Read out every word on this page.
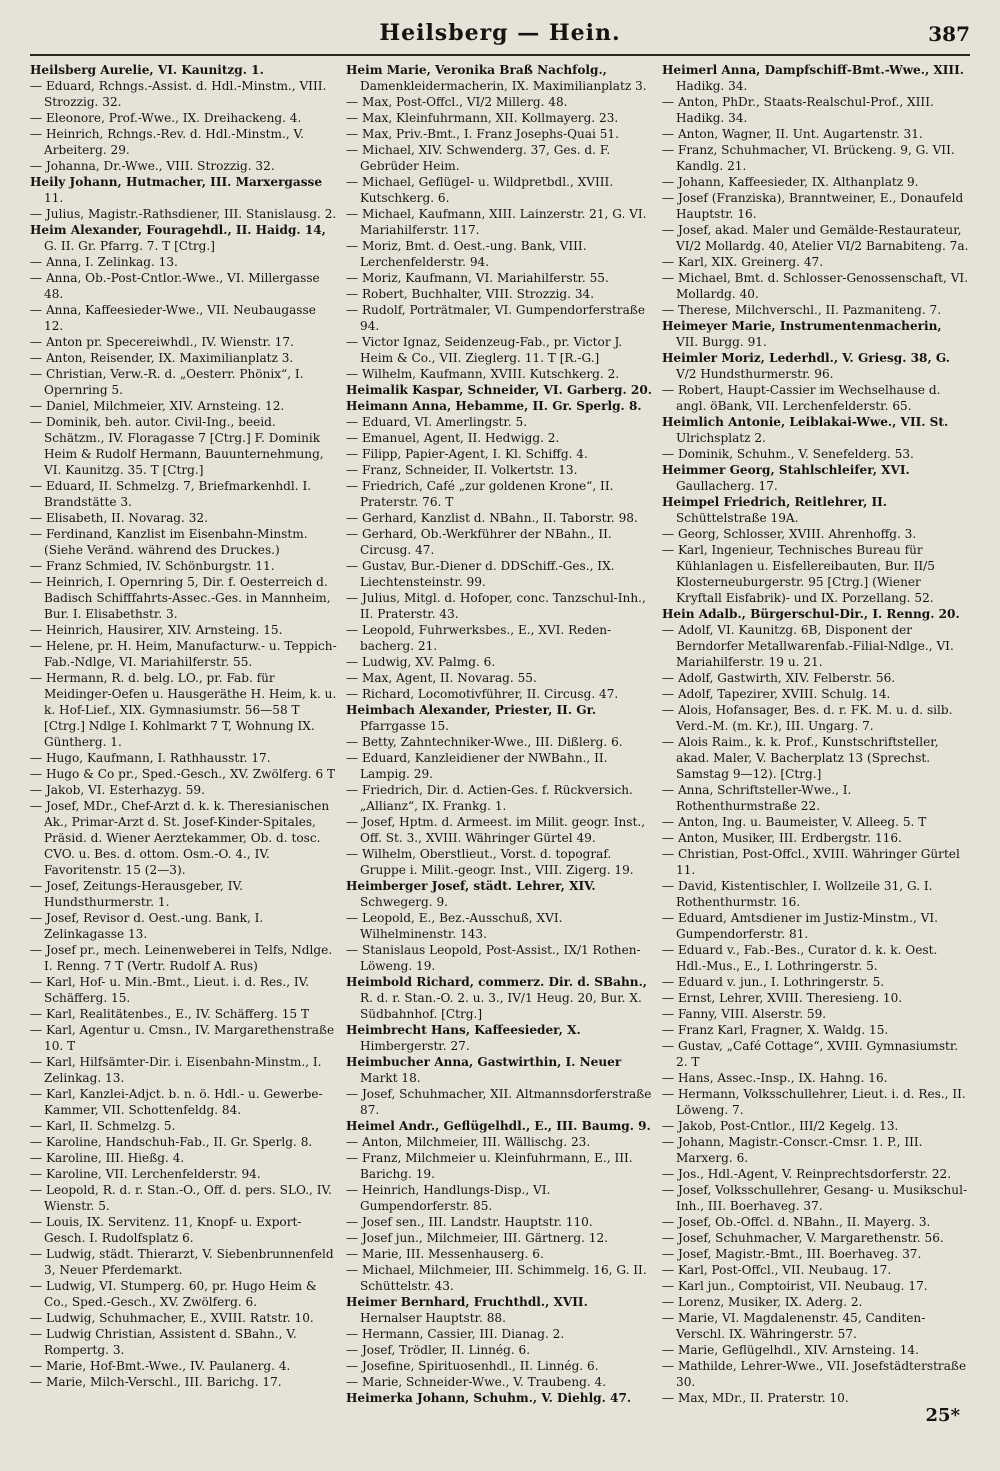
Heilsberg — Hein.	387

Heilsberg Aurelie, VI. Kaunitzg. 1.

— Eduard, Rchngs.-Assist. d. Hdl.-Minstm., VIII. Strozzig. 32.

— Eleonore, Prof.-Wwe., IX. Dreihackeng. 4.

— Heinrich, Rchngs.-Rev. d. Hdl.-Minstm., V. Arbeiterg. 29.

— Johanna, Dr.-Wwe., VIII. Strozzig. 32.

Heily Johann, Hutmacher, III. Marxergasse 11.

— Julius, Magistr.-Rathsdiener, III. Stanislausg. 2.

Heim Alexander, Fouragehdl., II. Haidg. 14, G. II. Gr. Pfarrg. 7. T [Ctrg.]

— Anna, I. Zelinkag. 13.

— Anna, Ob.-Post-Cntlor.-Wwe., VI. Millergasse 48.

— Anna, Kaffeesieder-Wwe., VII. Neubaugasse 12.

— Anton pr. Specereiwhdl., IV. Wienstr. 17.

— Anton, Reisender, IX. Maximilianplatz 3.

— Christian, Verw.-R. d. „Oesterr. Phönix“, I. Opernring 5.

— Daniel, Milchmeier, XIV. Arnsteing. 12.

— Dominik, beh. autor. Civil-Ing., beeid. Schätzm., IV. Floragasse 7 [Ctrg.] F. Dominik Heim & Rudolf Hermann, Bauunternehmung, VI. Kaunitzg. 35. T [Ctrg.]

— Eduard, II. Schmelzg. 7, Briefmarkenhdl. I. Brandstätte 3.

— Elisabeth, II. Novarag. 32.

— Ferdinand, Kanzlist im Eisenbahn-Minstm. (Siehe Veränd. während des Druckes.)

— Franz Schmied, IV. Schönburgstr. 11.

— Heinrich, I. Opernring 5, Dir. f. Oesterreich d. Badisch Schifffahrts-Assec.-Ges. in Mannheim, Bur. I. Elisabethstr. 3.

— Heinrich, Hausirer, XIV. Arnsteing. 15.

— Helene, pr. H. Heim, Manufacturw.- u. Teppich-Fab.-Ndlge, VI. Mariahilferstr. 55.

— Hermann, R. d. belg. LO., pr. Fab. für Meidinger-Oefen u. Hausgeräthe H. Heim, k. u. k. Hof-Lief., XIX. Gymnasiumstr. 56—58 T [Ctrg.] Ndlge I. Kohlmarkt 7 T, Wohnung IX. Güntherg. 1.

— Hugo, Kaufmann, I. Rathhausstr. 17.

— Hugo & Co pr., Sped.-Gesch., XV. Zwölferg. 6 T

— Jakob, VI. Esterhazyg. 59.

— Josef, MDr., Chef-Arzt d. k. k. Theresianischen Ak., Primar-Arzt d. St. Josef-Kinder-Spitales, Präsid. d. Wiener Aerztekammer, Ob. d. tosc. CVO. u. Bes. d. ottom. Osm.-O. 4., IV. Favoritenstr. 15 (2—3).

— Josef, Zeitungs-Herausgeber, IV. Hundsthurmerstr. 1.

— Josef, Revisor d. Oest.-ung. Bank, I. Zelinkagasse 13.

— Josef pr., mech. Leinenweberei in Telfs, Ndlge. I. Renng. 7 T (Vertr. Rudolf A. Rus)

— Karl, Hof- u. Min.-Bmt., Lieut. i. d. Res., IV. Schäfferg. 15.

— Karl, Realitätenbes., E., IV. Schäfferg. 15 T

— Karl, Agentur u. Cmsn., IV. Margarethenstraße 10. T

— Karl, Hilfsämter-Dir. i. Eisenbahn-Minstm., I. Zelinkag. 13.

— Karl, Kanzlei-Adjct. b. n. ö. Hdl.- u. Gewerbe-Kammer, VII. Schottenfeldg. 84.

— Karl, II. Schmelzg. 5.

— Karoline, Handschuh-Fab., II. Gr. Sperlg. 8.

— Karoline, III. Hießg. 4.

— Karoline, VII. Lerchenfelderstr. 94.

— Leopold, R. d. r. Stan.-O., Off. d. pers. SLO., IV. Wienstr. 5.

— Louis, IX. Servitenz. 11, Knopf- u. Export-Gesch. I. Rudolfsplatz 6.

— Ludwig, städt. Thierarzt, V. Siebenbrunnenfeld 3, Neuer Pferdemarkt.

— Ludwig, VI. Stumperg. 60, pr. Hugo Heim & Co., Sped.-Gesch., XV. Zwölferg. 6.

— Ludwig, Schuhmacher, E., XVIII. Ratstr. 10.

— Ludwig Christian, Assistent d. SBahn., V. Rompertg. 3.

— Marie, Hof-Bmt.-Wwe., IV. Paulanerg. 4.

— Marie, Milch-Verschl., III. Barichg. 17.

Heim Marie, Veronika Braß Nachfolg., Damenkleidermacherin, IX. Maximilianplatz 3.

— Max, Post-Offcl., VI/2 Millerg. 48.

— Max, Kleinfuhrmann, XII. Kollmayerg. 23.

— Max, Priv.-Bmt., I. Franz Josephs-Quai 51.

— Michael, XIV. Schwenderg. 37, Ges. d. F. Gebrüder Heim.

— Michael, Geflügel- u. Wildpretbdl., XVIII. Kutschkerg. 6.

— Michael, Kaufmann, XIII. Lainzerstr. 21, G. VI. Mariahilferstr. 117.

— Moriz, Bmt. d. Oest.-ung. Bank, VIII. Lerchenfelderstr. 94.

— Moriz, Kaufmann, VI. Mariahilferstr. 55.

— Robert, Buchhalter, VIII. Strozzig. 34.

— Rudolf, Porträtmaler, VI. Gumpendorferstraße 94.

— Victor Ignaz, Seidenzeug-Fab., pr. Victor J. Heim & Co., VII. Zieglerg. 11. T [R.-G.]

— Wilhelm, Kaufmann, XVIII. Kutschkerg. 2.

Heimalik Kaspar, Schneider, VI. Garberg. 20.

Heimann Anna, Hebamme, II. Gr. Sperlg. 8.

— Eduard, VI. Amerlingstr. 5.

— Emanuel, Agent, II. Hedwigg. 2.

— Filipp, Papier-Agent, I. Kl. Schiffg. 4.

— Franz, Schneider, II. Volkertstr. 13.

— Friedrich, Café „zur goldenen Krone“, II. Praterstr. 76. T

— Gerhard, Kanzlist d. NBahn., II. Taborstr. 98.

— Gerhard, Ob.-Werkführer der NBahn., II. Circusg. 47.

— Gustav, Bur.-Diener d. DDSchiff.-Ges., IX. Liechtensteinstr. 99.

— Julius, Mitgl. d. Hofoper, conc. Tanzschul-Inh., II. Praterstr. 43.

— Leopold, Fuhrwerksbes., E., XVI. Reden-bacherg. 21.

— Ludwig, XV. Palmg. 6.

— Max, Agent, II. Novarag. 55.

— Richard, Locomotivführer, II. Circusg. 47.

Heimbach Alexander, Priester, II. Gr. Pfarrgasse 15.

— Betty, Zahntechniker-Wwe., III. Dißlerg. 6.

— Eduard, Kanzleidiener der NWBahn., II. Lampig. 29.

— Friedrich, Dir. d. Actien-Ges. f. Rückversich. „Allianz“, IX. Frankg. 1.

— Josef, Hptm. d. Armeest. im Milit. geogr. Inst., Off. St. 3., XVIII. Währinger Gürtel 49.

— Wilhelm, Oberstlieut., Vorst. d. topograf. Gruppe i. Milit.-geogr. Inst., VIII. Zigerg. 19.

Heimberger Josef, städt. Lehrer, XIV. Schwegerg. 9.

— Leopold, E., Bez.-Ausschuß, XVI. Wilhelminenstr. 143.

— Stanislaus Leopold, Post-Assist., IX/1 Rothen-Löweng. 19.

Heimbold Richard, commerz. Dir. d. SBahn., R. d. r. Stan.-O. 2. u. 3., IV/1 Heug. 20, Bur. X. Südbahnhof. [Ctrg.]

Heimbrecht Hans, Kaffeesieder, X. Himbergerstr. 27.

Heimbucher Anna, Gastwirthin, I. Neuer Markt 18.

— Josef, Schuhmacher, XII. Altmannsdorferstraße 87.

Heimel Andr., Geflügelhdl., E., III. Baumg. 9.

— Anton, Milchmeier, III. Wällischg. 23.

— Franz, Milchmeier u. Kleinfuhrmann, E., III. Barichg. 19.

— Heinrich, Handlungs-Disp., VI. Gumpendorferstr. 85.

— Josef sen., III. Landstr. Hauptstr. 110.

— Josef jun., Milchmeier, III. Gärtnerg. 12.

— Marie, III. Messenhauserg. 6.

— Michael, Milchmeier, III. Schimmelg. 16, G. II. Schüttelstr. 43.

Heimer Bernhard, Fruchthdl., XVII. Hernalser Hauptstr. 88.

— Hermann, Cassier, III. Dianag. 2.

— Josef, Trödler, II. Linnég. 6.

— Josefine, Spirituosenhdl., II. Linnég. 6.

— Marie, Schneider-Wwe., V. Traubeng. 4.

Heimerka Johann, Schuhm., V. Diehlg. 47.

Heimerl Anna, Dampfschiff-Bmt.-Wwe., XIII. Hadikg. 34.

— Anton, PhDr., Staats-Realschul-Prof., XIII. Hadikg. 34.

— Anton, Wagner, II. Unt. Augartenstr. 31.

— Franz, Schuhmacher, VI. Brückeng. 9, G. VII. Kandlg. 21.

— Johann, Kaffeesieder, IX. Althanplatz 9.

— Josef (Franziska), Branntweiner, E., Donaufeld Hauptstr. 16.

— Josef, akad. Maler und Gemälde-Restaurateur, VI/2 Mollardg. 40, Atelier VI/2 Barnabiteng. 7a.

— Karl, XIX. Greinerg. 47.

— Michael, Bmt. d. Schlosser-Genossenschaft, VI. Mollardg. 40.

— Therese, Milchverschl., II. Pazmaniteng. 7.

Heimeyer Marie, Instrumentenmacherin, VII. Burgg. 91.

Heimler Moriz, Lederhdl., V. Griesg. 38, G. V/2 Hundsthurmerstr. 96.

— Robert, Haupt-Cassier im Wechselhause d. angl. öBank, VII. Lerchenfelderstr. 65.

Heimlich Antonie, Leiblakai-Wwe., VII. St. Ulrichsplatz 2.

— Dominik, Schuhm., V. Senefelderg. 53.

Heimmer Georg, Stahlschleifer, XVI. Gaullacherg. 17.

Heimpel Friedrich, Reitlehrer, II. Schüttelstraße 19A.

— Georg, Schlosser, XVIII. Ahrenhoffg. 3.

— Karl, Ingenieur, Technisches Bureau für Kühlanlagen u. Eisfellereibauten, Bur. II/5 Klosterneuburgerstr. 95 [Ctrg.] (Wiener Kryftall Eisfabrik)- und IX. Porzellang. 52.

Hein Adalb., Bürgerschul-Dir., I. Renng. 20.

— Adolf, VI. Kaunitzg. 6B, Disponent der Berndorfer Metallwarenfab.-Filial-Ndlge., VI. Mariahilferstr. 19 u. 21.

— Adolf, Gastwirth, XIV. Felberstr. 56.

— Adolf, Tapezirer, XVIII. Schulg. 14.

— Alois, Hofansager, Bes. d. r. FK. M. u. d. silb. Verd.-M. (m. Kr.), III. Ungarg. 7.

— Alois Raim., k. k. Prof., Kunstschriftsteller, akad. Maler, V. Bacherplatz 13 (Sprechst. Samstag 9—12). [Ctrg.]

— Anna, Schriftsteller-Wwe., I. Rothenthurmstraße 22.

— Anton, Ing. u. Baumeister, V. Alleeg. 5. T

— Anton, Musiker, III. Erdbergstr. 116.

— Christian, Post-Offcl., XVIII. Währinger Gürtel 11.

— David, Kistentischler, I. Wollzeile 31, G. I. Rothenthurmstr. 16.

— Eduard, Amtsdiener im Justiz-Minstm., VI. Gumpendorferstr. 81.

— Eduard v., Fab.-Bes., Curator d. k. k. Oest. Hdl.-Mus., E., I. Lothringerstr. 5.

— Eduard v. jun., I. Lothringerstr. 5.

— Ernst, Lehrer, XVIII. Theresieng. 10.

— Fanny, VIII. Alserstr. 59.

— Franz Karl, Fragner, X. Waldg. 15.

— Gustav, „Café Cottage“, XVIII. Gymnasiumstr. 2. T

— Hans, Assec.-Insp., IX. Hahng. 16.

— Hermann, Volksschullehrer, Lieut. i. d. Res., II. Löweng. 7.

— Jakob, Post-Cntlor., III/2 Kegelg. 13.

— Johann, Magistr.-Conscr.-Cmsr. 1. P., III. Marxerg. 6.

— Jos., Hdl.-Agent, V. Reinprechtsdorferstr. 22.

— Josef, Volksschullehrer, Gesang- u. Musikschul-Inh., III. Boerhaveg. 37.

— Josef, Ob.-Offcl. d. NBahn., II. Mayerg. 3.

— Josef, Schuhmacher, V. Margarethenstr. 56.

— Josef, Magistr.-Bmt., III. Boerhaveg. 37.

— Karl, Post-Offcl., VII. Neubaug. 17.

— Karl jun., Comptoirist, VII. Neubaug. 17.

— Lorenz, Musiker, IX. Aderg. 2.

— Marie, VI. Magdalenenstr. 45, Canditen-Verschl. IX. Währingerstr. 57.

— Marie, Geflügelhdl., XIV. Arnsteing. 14.

— Mathilde, Lehrer-Wwe., VII. Josefstädterstraße 30.

— Max, MDr., II. Praterstr. 10.

25*
